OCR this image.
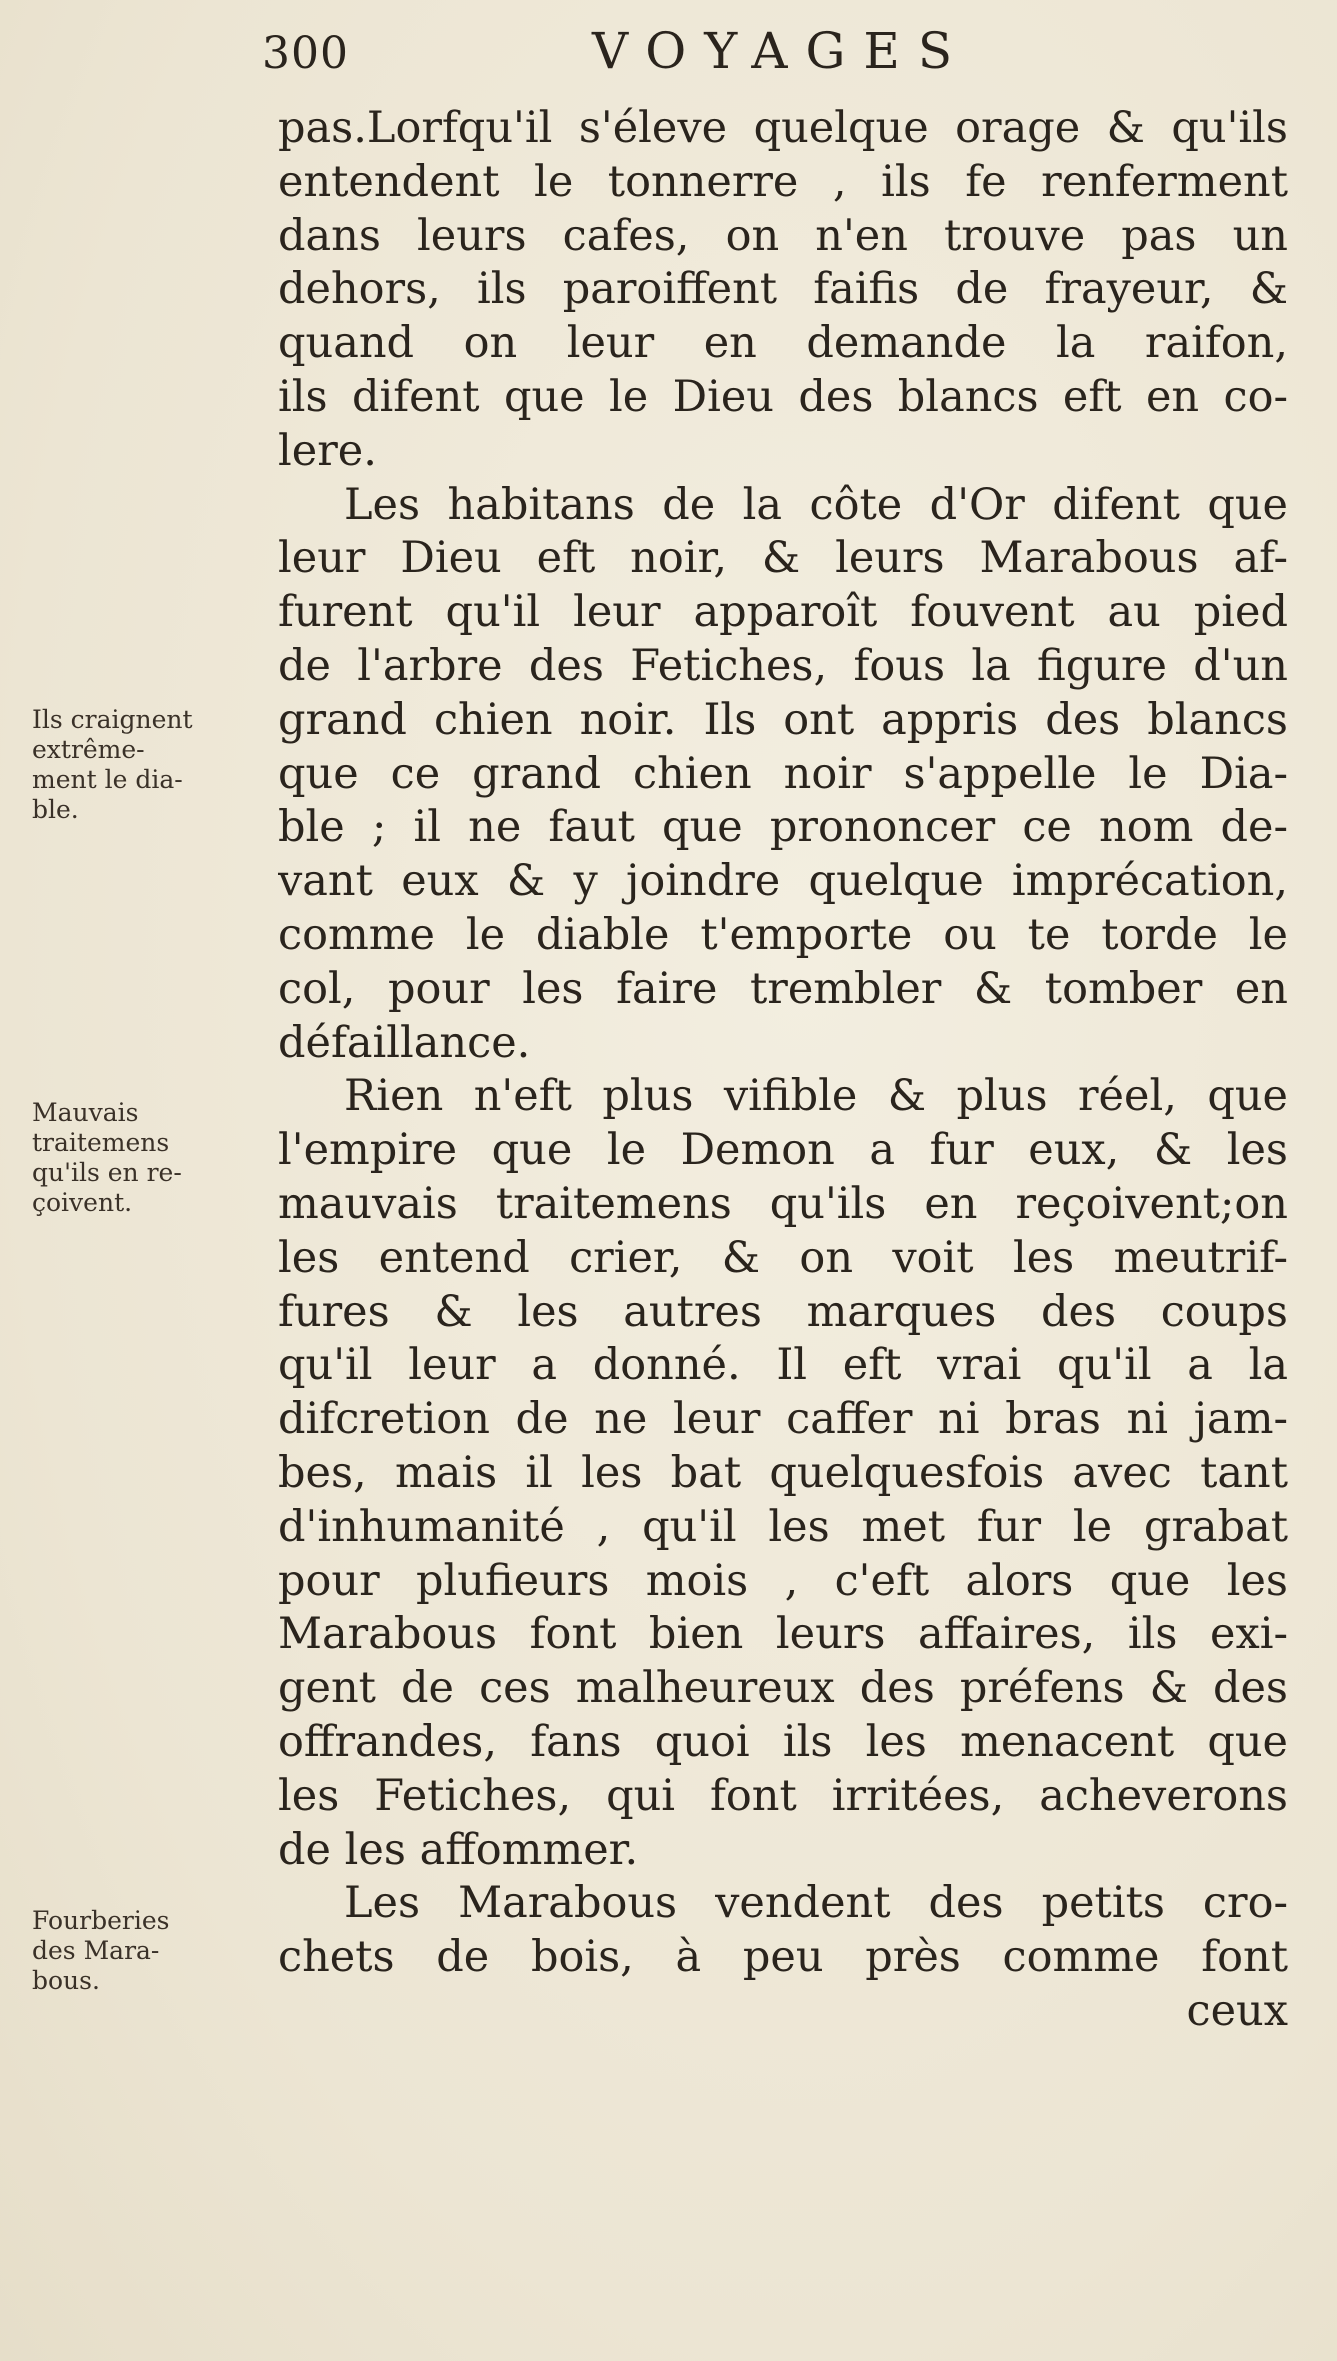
300	VOYAGES
pas.Lorfqu'il s'éleve quelque orage & qu'ils
entendent le tonnerre , ils fe renferment
dans leurs cafes, on n'en trouve pas un
dehors, ils paroiffent faifis de frayeur, &
quand on leur en demande la raifon,
ils difent que le Dieu des blancs eft en co-
lere.
Les habitans de la côte d'Or difent que
leur Dieu eft noir, & leurs Marabous af-
furent qu'il leur apparoît fouvent au pied
de l'arbre des Fetiches, fous la figure d'un
grand chien noir. Ils ont appris des blancs
que ce grand chien noir s'appelle le Dia-
ble ; il ne faut que prononcer ce nom de-
vant eux & y joindre quelque imprécation,
comme le diable t'emporte ou te torde le
col, pour les faire trembler & tomber en
défaillance.
Rien n'eft plus vifible & plus réel, que
l'empire que le Demon a fur eux, & les
mauvais traitemens qu'ils en reçoivent;on
les entend crier, & on voit les meutrif-
fures & les autres marques des coups
qu'il leur a donné. Il eft vrai qu'il a la
difcretion de ne leur caffer ni bras ni jam-
bes, mais il les bat quelquesfois avec tant
d'inhumanité , qu'il les met fur le grabat
pour plufieurs mois , c'eft alors que les
Marabous font bien leurs affaires, ils exi-
gent de ces malheureux des préfens & des
offrandes, fans quoi ils les menacent que
les Fetiches, qui font irritées, acheverons
de les affommer.
Les Marabous vendent des petits cro-
chets de bois, à peu près comme font
ceux
Ils craignent
extrême-
ment le dia-
ble.
Mauvais
traitemens
qu'ils en re-
çoivent.
Fourberies
des Mara-
bous.
